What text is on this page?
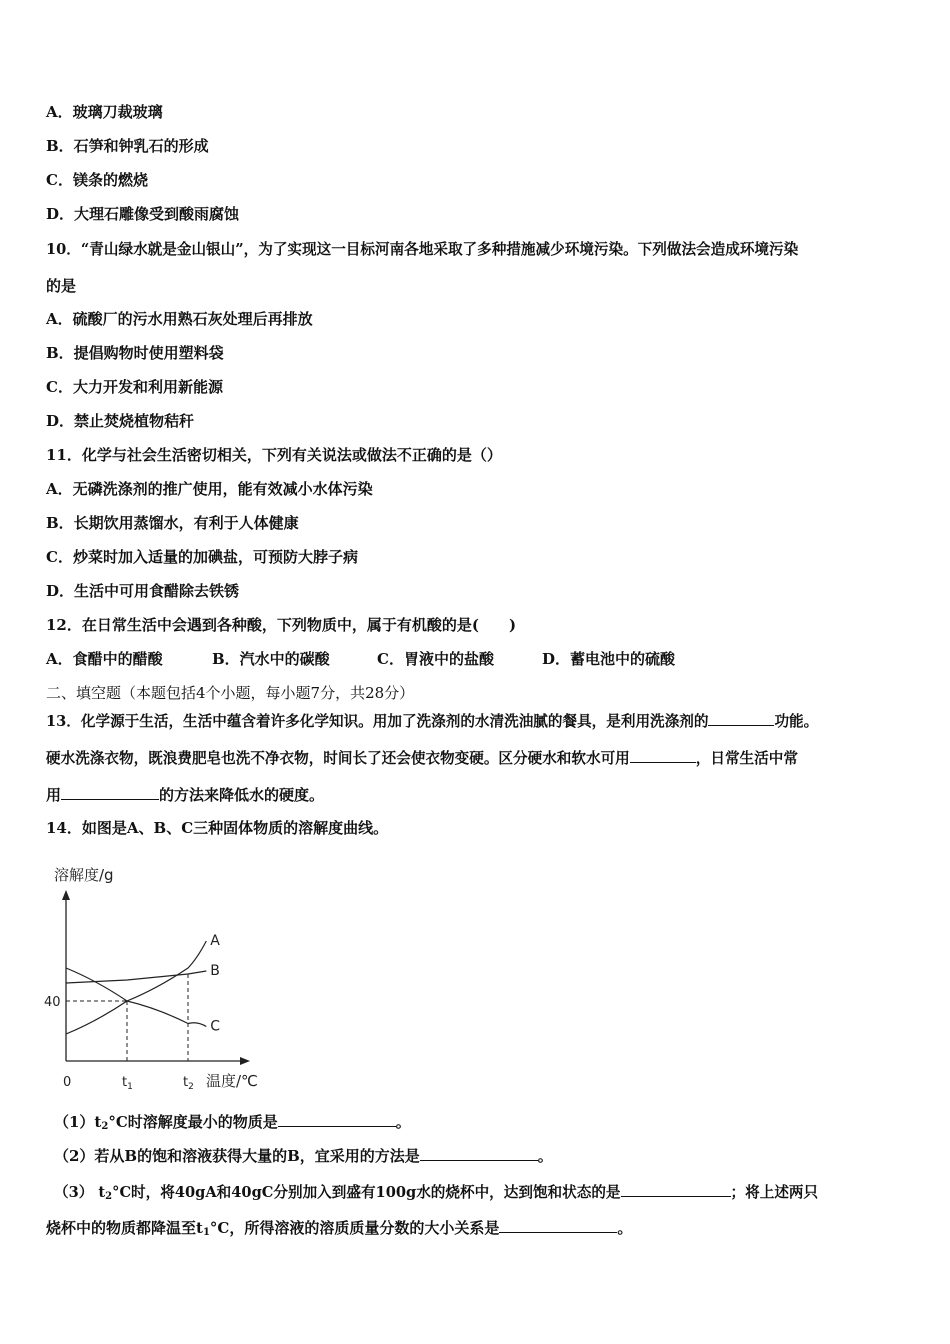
A．玻璃刀裁玻璃
B．石笋和钟乳石的形成
C．镁条的燃烧
D．大理石雕像受到酸雨腐蚀
10．“青山绿水就是金山银山”，为了实现这一目标河南各地采取了多种措施减少环境污染。下列做法会造成环境污染
的是
A．硫酸厂的污水用熟石灰处理后再排放
B．提倡购物时使用塑料袋
C．大力开发和利用新能源
D．禁止焚烧植物秸秆
11．化学与社会生活密切相关，下列有关说法或做法不正确的是（）
A．无磷洗涤剂的推广使用，能有效减小水体污染
B．长期饮用蒸馏水，有利于人体健康
C．炒菜时加入适量的加碘盐，可预防大脖子病
D．生活中可用食醋除去铁锈
12．在日常生活中会遇到各种酸，下列物质中，属于有机酸的是(　　)
A．食醋中的醋酸	B．汽水中的碳酸	C．胃液中的盐酸	D．蓄电池中的硫酸
二、填空题（本题包括4个小题，每小题7分，共28分）
13．化学源于生活，生活中蕴含着许多化学知识。用加了洗涤剂的水清洗油腻的餐具，是利用洗涤剂的	功能。
硬水洗涤衣物，既浪费肥皂也洗不净衣物，时间长了还会使衣物变硬。区分硬水和软水可用	，日常生活中常
用	的方法来降低水的硬度。
14．如图是A、B、C三种固体物质的溶解度曲线。
溶解度/g
温度/℃
0	$t_1$	$t_2$
40
A
B
C
$(1)t_2^\circ C$时溶解度最小的物质是	。
（2）若从B的饱和溶液获得大量的B，宜采用的方法是	。
（3） $t_2^\circ C$时，将40gA和40gC分别加入到盛有100g水的烧杯中，达到饱和状态的是	；将上述两只
烧杯中的物质都降温至$t_1^\circ C$，所得溶液的溶质质量分数的大小关系是	。
